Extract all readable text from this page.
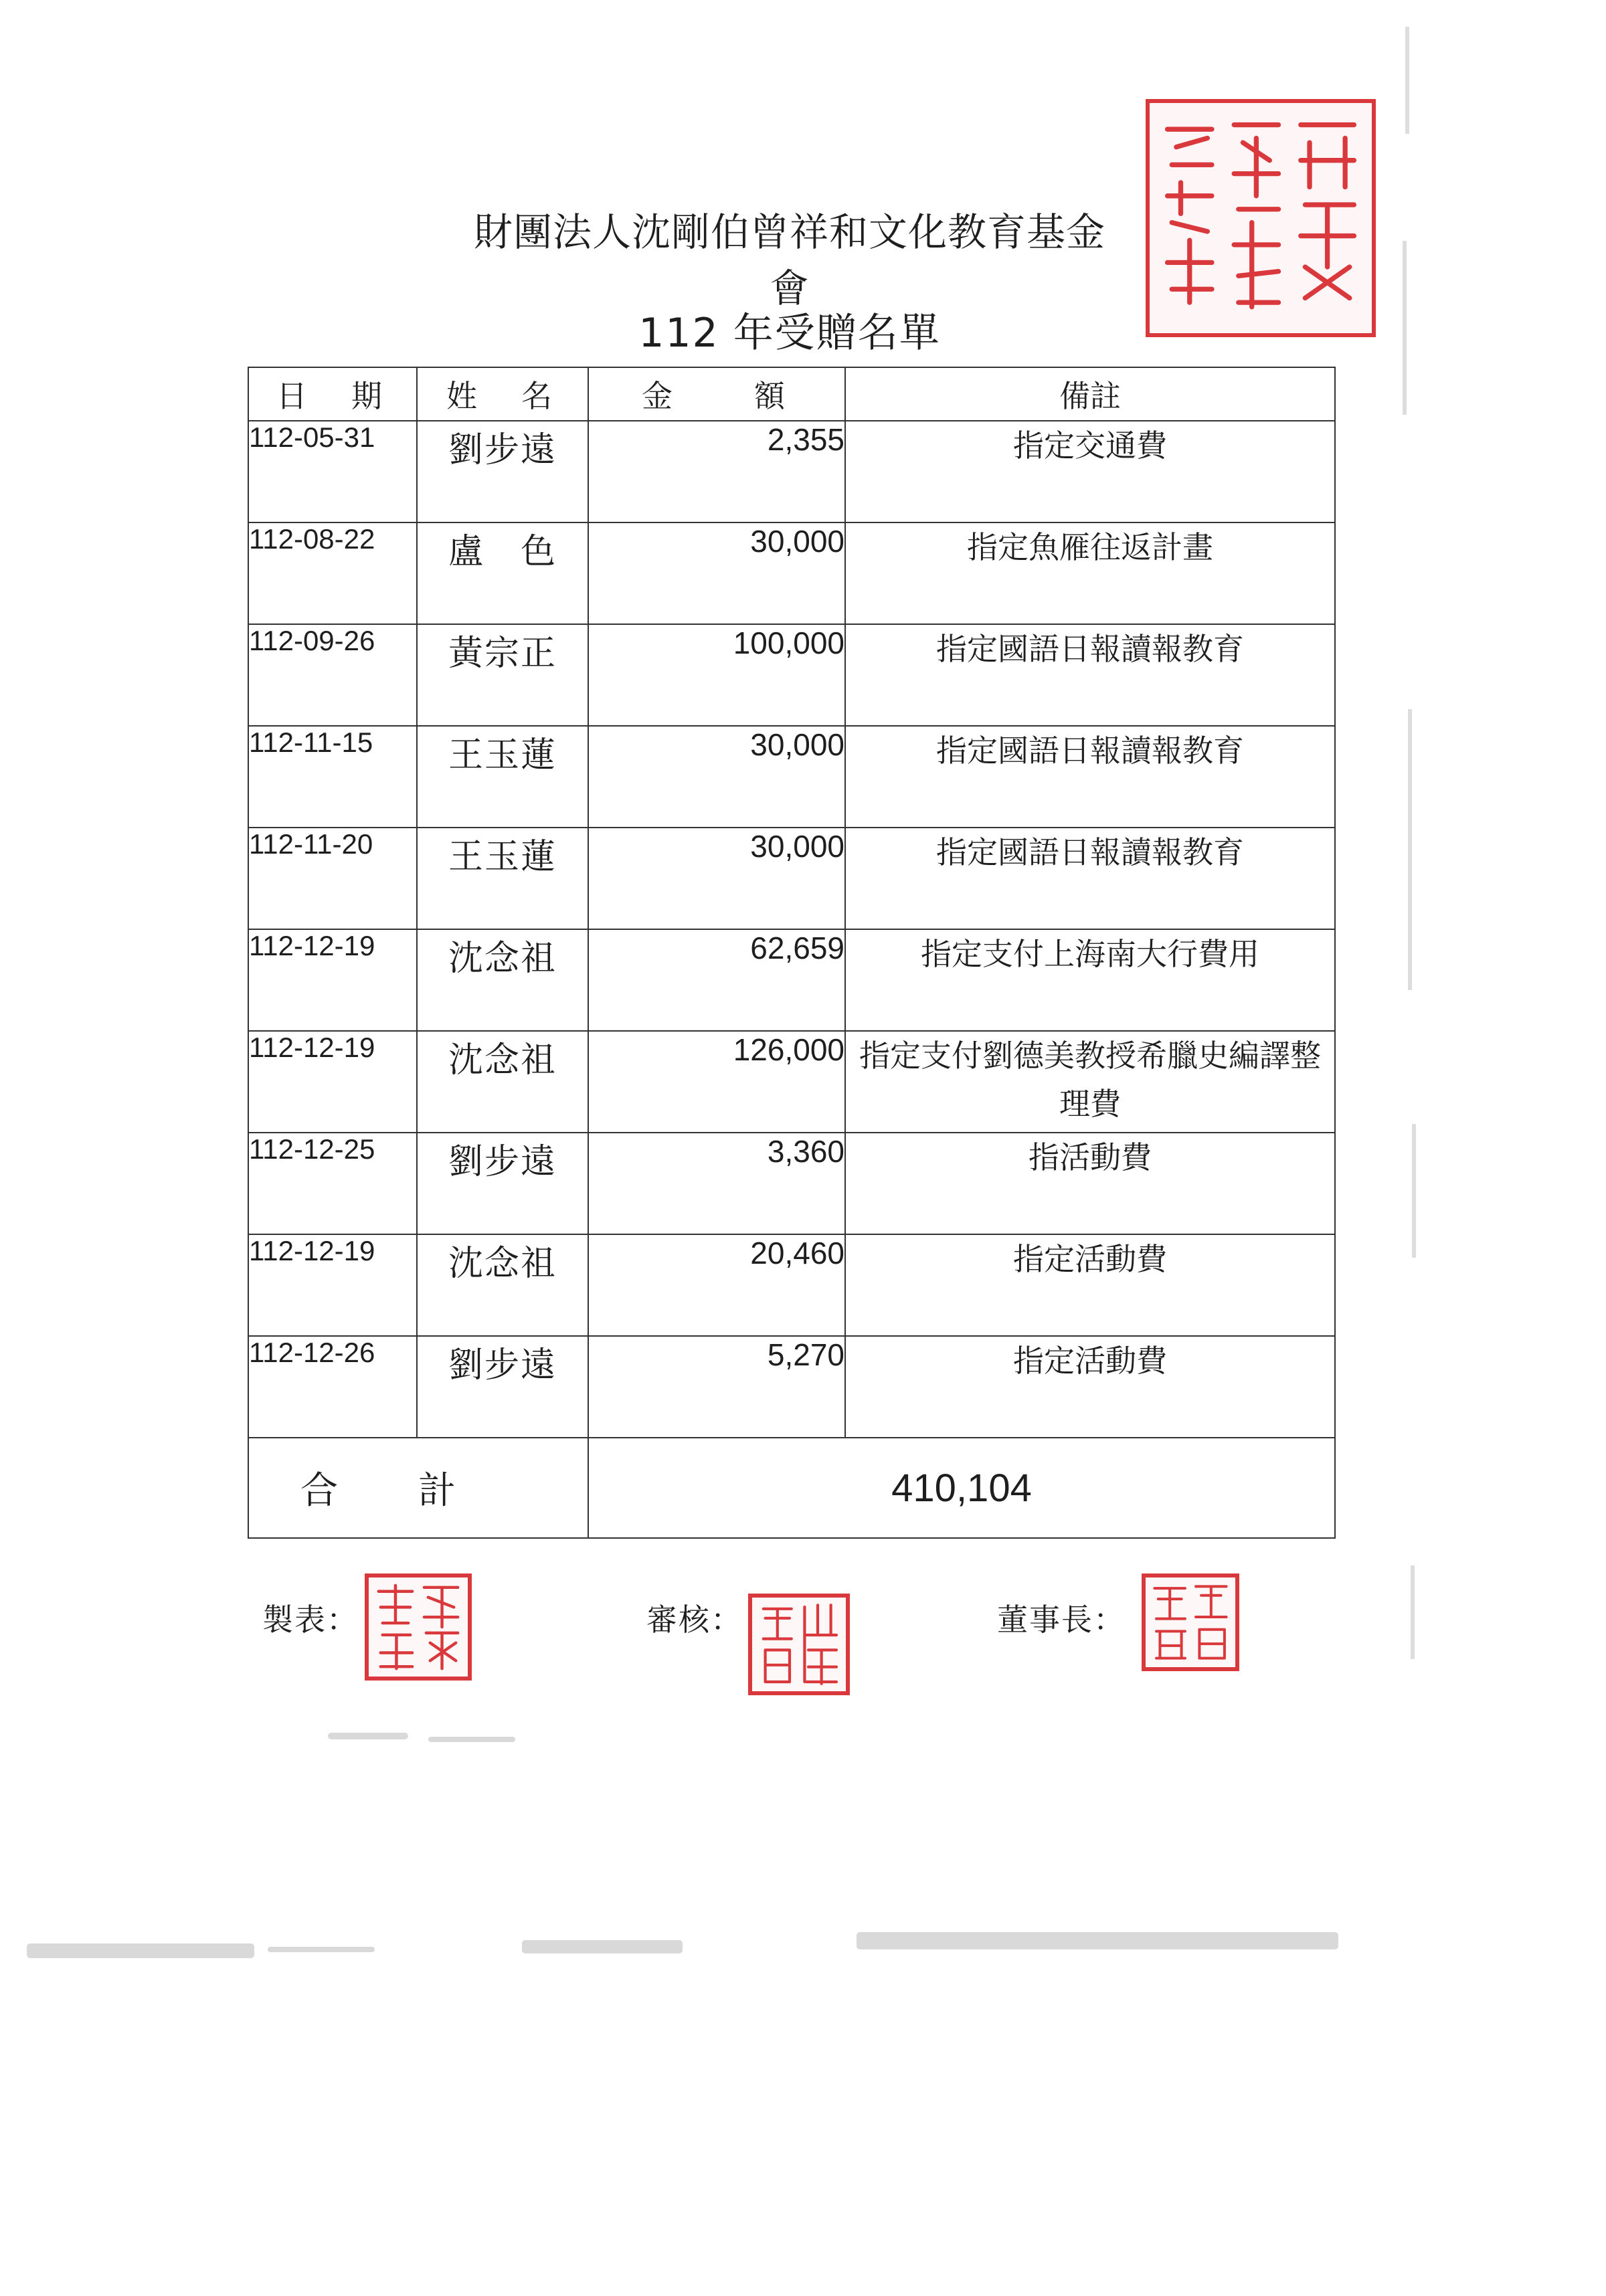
財團法人沈剛伯曾祥和文化教育基金會
112 年受贈名單
日　期	姓　名	金　　額	備註
112-05-31	劉步遠	2,355	指定交通費
112-08-22	盧　色	30,000	指定魚雁往返計畫
112-09-26	黃宗正	100,000	指定國語日報讀報教育
112-11-15	王玉蓮	30,000	指定國語日報讀報教育
112-11-20	王玉蓮	30,000	指定國語日報讀報教育
112-12-19	沈念祖	62,659	指定支付上海南大行費用
112-12-19	沈念祖	126,000	指定支付劉德美教授希臘史編譯整理費
112-12-25	劉步遠	3,360	指活動費
112-12-19	沈念祖	20,460	指定活動費
112-12-26	劉步遠	5,270	指定活動費
合計		410,104	
製表：	審核：	董事長：
